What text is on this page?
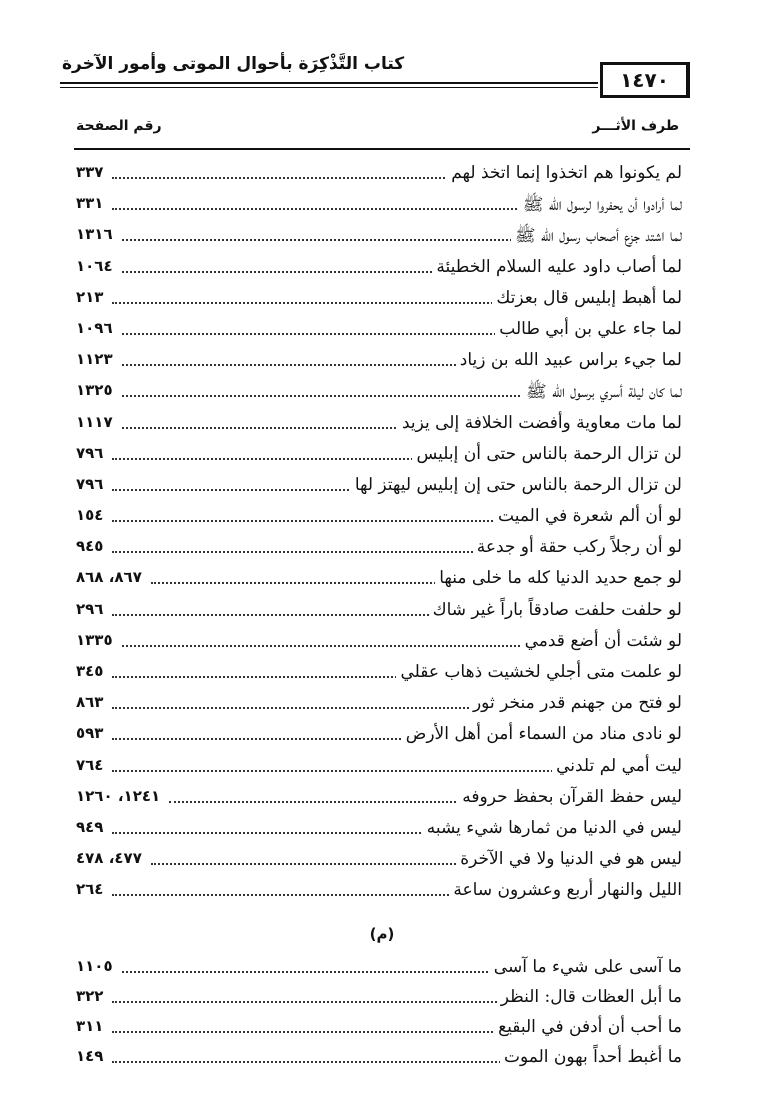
كتاب التَّذْكِرَة بأحوال الموتى وأمور الآخرة
١٤٧٠
طرف الأثـــر
رقم الصفحة
لم يكونوا هم اتخذوا إنما اتخذ لهم
٣٣٧
لما أرادوا أن يحفروا لرسول الله ﷺ
٣٣١
لما اشتد جزع أصحاب رسول الله ﷺ
١٣١٦
لما أصاب داود عليه السلام الخطيئة
١٠٦٤
لما أهبط إبليس قال بعزتك
٢١٣
لما جاء علي بن أبي طالب
١٠٩٦
لما جيء براس عبيد الله بن زياد
١١٢٣
لما كان ليلة أسري برسول الله ﷺ
١٣٢٥
لما مات معاوية وأفضت الخلافة إلى يزيد
١١١٧
لن تزال الرحمة بالناس حتى أن إبليس
٧٩٦
لن تزال الرحمة بالناس حتى إن إبليس ليهتز لها
٧٩٦
لو أن ألم شعرة في الميت
١٥٤
لو أن رجلاً ركب حقة أو جدعة
٩٤٥
لو جمع حديد الدنيا كله ما خلى منها
٨٦٧، ٨٦٨
لو حلفت حلفت صادقاً باراً غير شاك
٢٩٦
لو شئت أن أضع قدمي
١٣٣٥
لو علمت متى أجلي لخشيت ذهاب عقلي
٣٤٥
لو فتح من جهنم قدر منخر ثور
٨٦٣
لو نادى مناد من السماء أمن أهل الأرض
٥٩٣
ليت أمي لم تلدني
٧٦٤
ليس حفظ القرآن بحفظ حروفه
١٢٤١، ١٢٦٠
ليس في الدنيا من ثمارها شيء يشبه
٩٤٩
ليس هو في الدنيا ولا في الآخرة
٤٧٧، ٤٧٨
الليل والنهار أربع وعشرون ساعة
٢٦٤
(م)
ما آسى على شيء ما آسى
١١٠٥
ما أبل العظات قال: النظر
٣٢٢
ما أحب أن أدفن في البقيع
٣١١
ما أغبط أحداً بهون الموت
١٤٩
